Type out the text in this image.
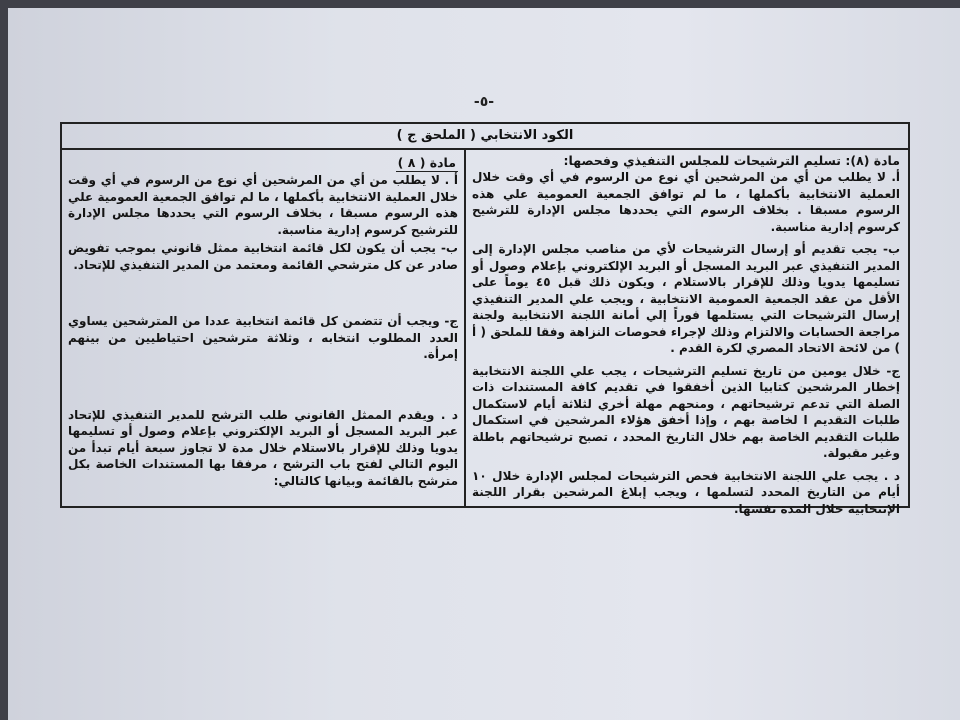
-٥-
الكود الانتخابي ( الملحق ج )
مادة (٨): تسليم الترشيحات للمجلس التنفيذي وفحصها:

أ. لا يطلب من أي من المرشحين أي نوع من الرسوم في أي وقت خلال العملية الانتخابية بأكملها ، ما لم توافق الجمعية العمومية علي هذه الرسوم مسبقا . بخلاف الرسوم التي يحددها مجلس الإدارة للترشيح كرسوم إدارية مناسبة.

ب- يجب تقديم أو إرسال الترشيحات لأي من مناصب مجلس الإدارة إلى المدير التنفيذي عبر البريد المسجل أو البريد الإلكتروني بإعلام وصول أو تسليمها يدويا وذلك للإقرار بالاستلام ، ويكون ذلك قبل ٤٥ يوماً على الأقل من عقد الجمعية العمومية الانتخابية ، ويجب علي المدير التنفيذي إرسال الترشيحات التي يستلمها فوراً إلي أمانة اللجنة الانتخابية ولجنة مراجعة الحسابات والالتزام وذلك لإجراء فحوصات النزاهة وفقا للملحق ( أ ) من لائحة الاتحاد المصري لكرة القدم .

ج- خلال يومين من تاريخ تسليم الترشيحات ، يجب علي اللجنة الانتخابية إخطار المرشحين كتابيا الذين أخفقوا في تقديم كافة المستندات ذات الصلة التي تدعم ترشيحاتهم ، ومنحهم مهلة أخري لثلاثة أيام لاستكمال طلبات التقديم ا لخاصة بهم ، وإذا أخفق هؤلاء المرشحين في استكمال طلبات التقديم الخاصة بهم خلال التاريخ المحدد ، تصبح ترشيحاتهم باطلة وغير مقبولة.

د . يجب علي اللجنة الانتخابية فحص الترشيحات لمجلس الإدارة خلال ١٠ أيام من التاريخ المحدد لتسلمها ، ويجب إبلاغ المرشحين بقرار اللجنة الإنتخابية خلال المدة نفسها.

مادة ( ٨ )

أ . لا يطلب من أي من المرشحين أي نوع من الرسوم في أي وقت خلال العملية الانتخابية بأكملها ، ما لم توافق الجمعية العمومية علي هذه الرسوم مسبقا ، بخلاف الرسوم التي يحددها مجلس الإدارة للترشيح كرسوم إدارية مناسبة.

ب- يجب أن يكون لكل قائمة انتخابية ممثل قانوني بموجب تفويض صادر عن كل مترشحي القائمة ومعتمد من المدير التنفيذي للإتحاد.

ج- ويجب أن تتضمن كل قائمة انتخابية عددا من المترشحين يساوي العدد المطلوب انتخابه ، وثلاثة مترشحين احتياطيين من بينهم إمرأة.

د . ويقدم الممثل القانوني طلب الترشح للمدير التنفيذي للإتحاد عبر البريد المسجل أو البريد الإلكتروني بإعلام وصول أو تسليمها يدويا وذلك للإقرار بالاستلام خلال مدة لا تجاوز سبعة أيام تبدأ من اليوم التالي لفتح باب الترشح ، مرفقا بها المستندات الخاصة بكل مترشح بالقائمة وبيانها كالتالي:
